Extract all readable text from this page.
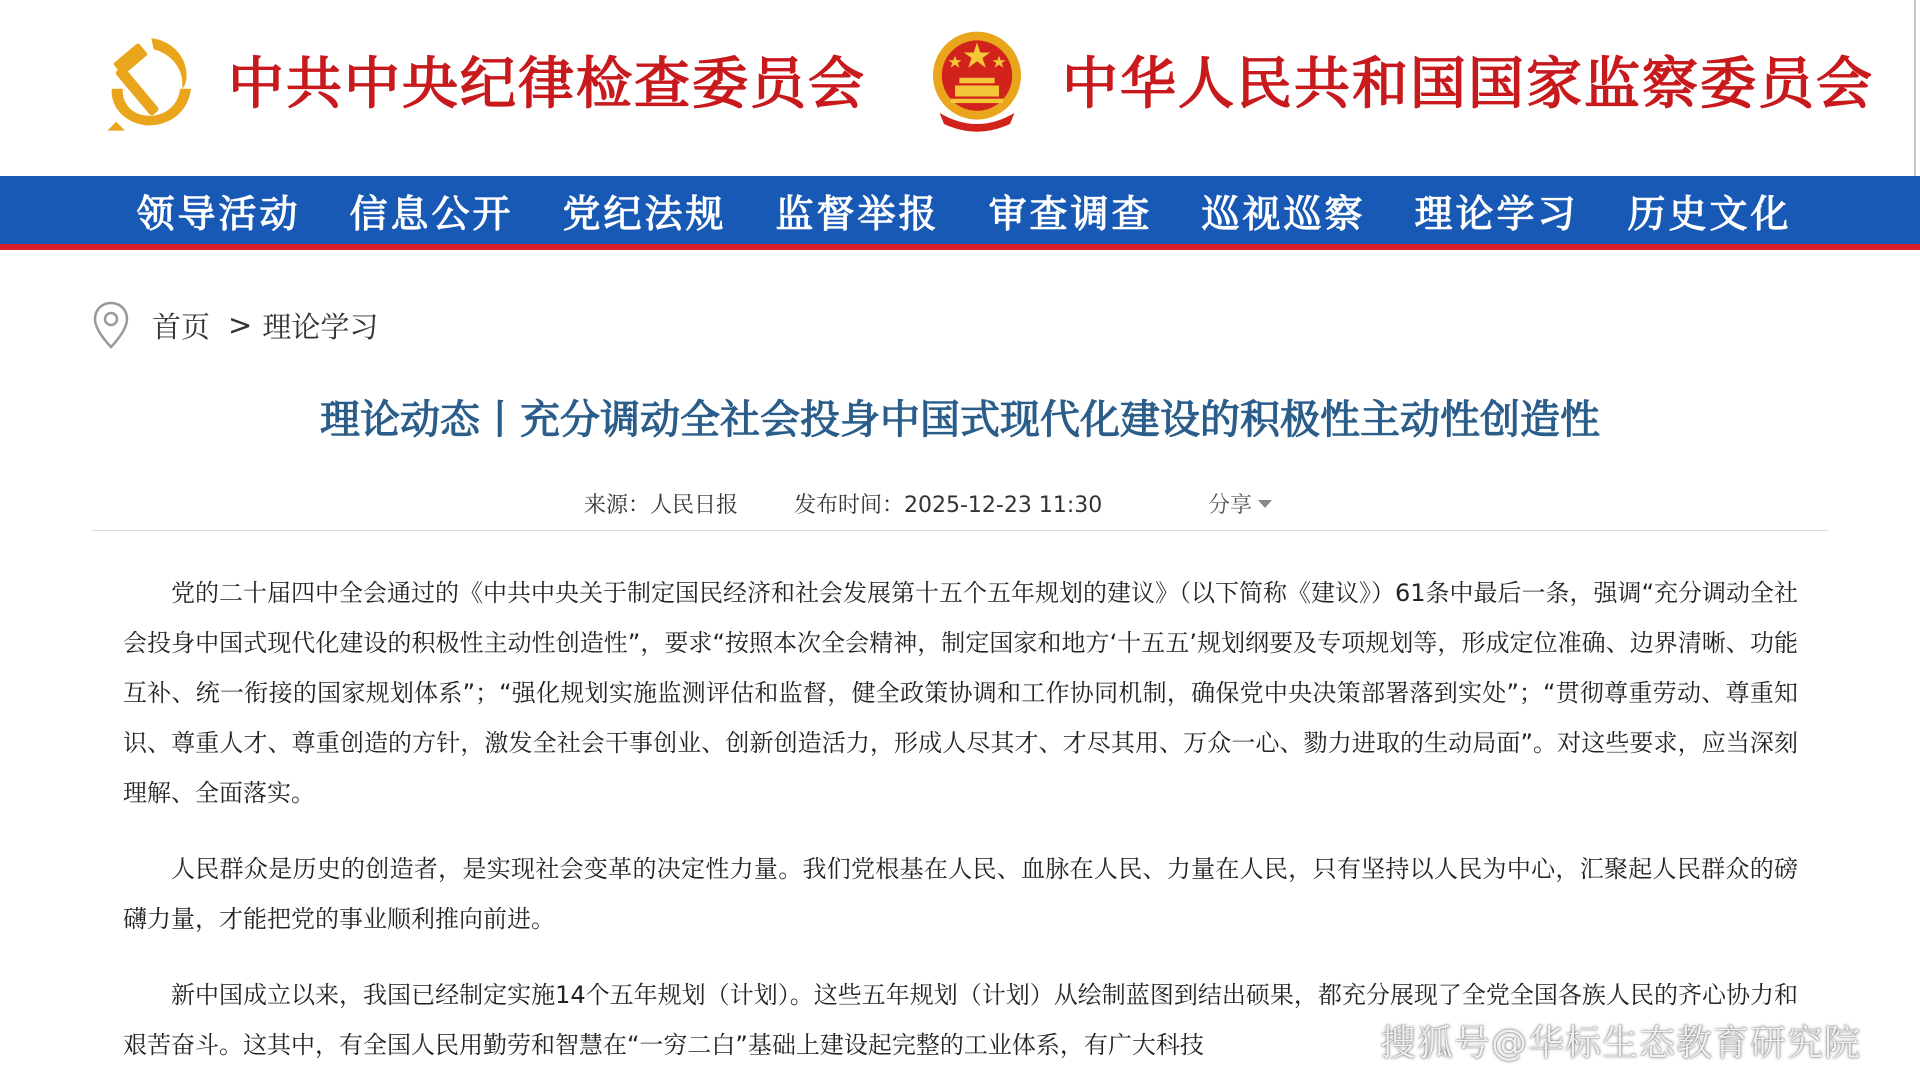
中共中央纪律检查委员会	中华人民共和国国家监察委员会
领导活动	信息公开	党纪法规	监督举报	审查调查	巡视巡察	理论学习	历史文化
首页 > 理论学习
理论动态丨充分调动全社会投身中国式现代化建设的积极性主动性创造性
来源：人民日报	发布时间：2025-12-23 11:30	分享

党的二十届四中全会通过的《中共中央关于制定国民经济和社会发展第十五个五年规划的建议》（以下简称《建议》）61条中最后一条，强调“充分调动全社会投身中国式现代化建设的积极性主动性创造性”，要求“按照本次全会精神，制定国家和地方‘十五五’规划纲要及专项规划等，形成定位准确、边界清晰、功能互补、统一衔接的国家规划体系”；“强化规划实施监测评估和监督，健全政策协调和工作协同机制，确保党中央决策部署落到实处”；“贯彻尊重劳动、尊重知识、尊重人才、尊重创造的方针，激发全社会干事创业、创新创造活力，形成人尽其才、才尽其用、万众一心、勠力进取的生动局面”。对这些要求，应当深刻理解、全面落实。

人民群众是历史的创造者，是实现社会变革的决定性力量。我们党根基在人民、血脉在人民、力量在人民，只有坚持以人民为中心，汇聚起人民群众的磅礴力量，才能把党的事业顺利推向前进。

新中国成立以来，我国已经制定实施14个五年规划（计划）。这些五年规划（计划）从绘制蓝图到结出硕果，都充分展现了全党全国各族人民的齐心协力和艰苦奋斗。这其中，有全国人民用勤劳和智慧在“一穷二白”基础上建设起完整的工业体系，有广大科技	搜狐号@华标生态教育研究院
